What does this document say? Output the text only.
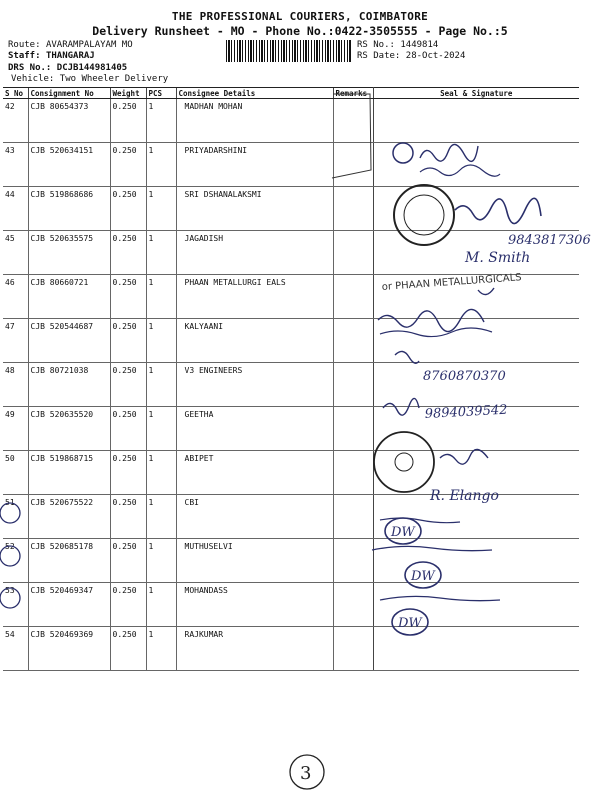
THE PROFESSIONAL COURIERS, COIMBATORE
Delivery Runsheet - MO - Phone No.:0422-3505555 - Page No.:5
Route: AVARAMPALAYAM MO
Staff: THANGARAJ
DRS No.: DCJB144981405
Vehicle: Two Wheeler Delivery
RS No.: 1449814
RS Date: 28-Oct-2024
S No	Consignment No	Weight	PCS	Consignee Details	Remarks	Seal & Signature
42	CJB 80654373	0.250	1	MADHAN MOHAN		
43	CJB 520634151	0.250	1	PRIYADARSHINI		
44	CJB 519868686	0.250	1	SRI DSHANALAKSMI		
45	CJB 520635575	0.250	1	JAGADISH		
46	CJB 80660721	0.250	1	PHAAN METALLURGI EALS		
47	CJB 520544687	0.250	1	KALYAANI		
48	CJB 80721038	0.250	1	V3 ENGINEERS		
49	CJB 520635520	0.250	1	GEETHA		
50	CJB 519868715	0.250	1	ABIPET		
51	CJB 520675522	0.250	1	CBI		
52	CJB 520685178	0.250	1	MUTHUSELVI		
53	CJB 520469347	0.250	1	MOHANDASS		
54	CJB 520469369	0.250	1	RAJKUMAR		
9843817306
M. Smith
or PHAAN METALLURGICALS
8760870370
9894039542
R. Elango
DW
DW
DW
3
